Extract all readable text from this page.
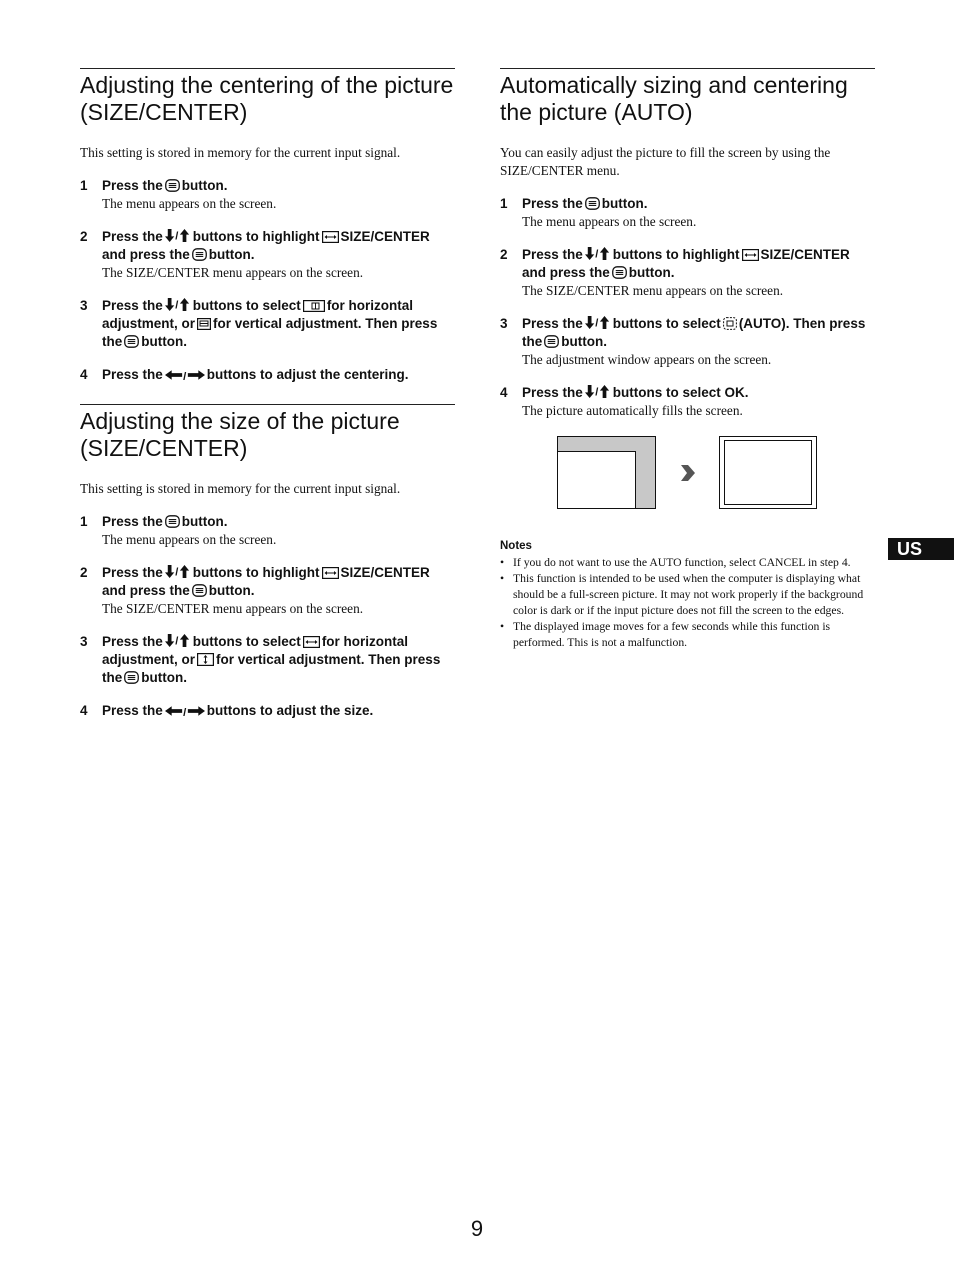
Adjusting the centering of the picture (SIZE/CENTER)

This setting is stored in memory for the current input signal.

1 Press the button.
The menu appears on the screen.
2 Press the buttons to highlight SIZE/CENTER and press the button.
The SIZE/CENTER menu appears on the screen.
3 Press the buttons to select for horizontal adjustment, or for vertical adjustment. Then press the button.
4 Press the	buttons to adjust the centering.
Adjusting the size of the picture (SIZE/CENTER)

This setting is stored in memory for the current input signal.

1 Press the button.
The menu appears on the screen.
2 Press the buttons to highlight SIZE/CENTER and press the button.
The SIZE/CENTER menu appears on the screen.
3 Press the buttons to select for horizontal adjustment, or for vertical adjustment. Then press the button.
4 Press the	buttons to adjust the size.
Automatically sizing and centering the picture (AUTO)

You can easily adjust the picture to fill the screen by using the SIZE/CENTER menu.

1 Press the button.
The menu appears on the screen.
2 Press the buttons to highlight SIZE/CENTER and press the button.
The SIZE/CENTER menu appears on the screen.
3 Press the buttons to select (AUTO). Then press the button.
The adjustment window appears on the screen.
4 Press the buttons to select OK.
The picture automatically fills the screen.
Notes
• If you do not want to use the AUTO function, select CANCEL in step 4.
• This function is intended to be used when the computer is displaying what should be a full-screen picture. It may not work properly if the background color is dark or if the input picture does not fill the screen to the edges.
• The displayed image moves for a few seconds while this function is performed. This is not a malfunction.
US
9
